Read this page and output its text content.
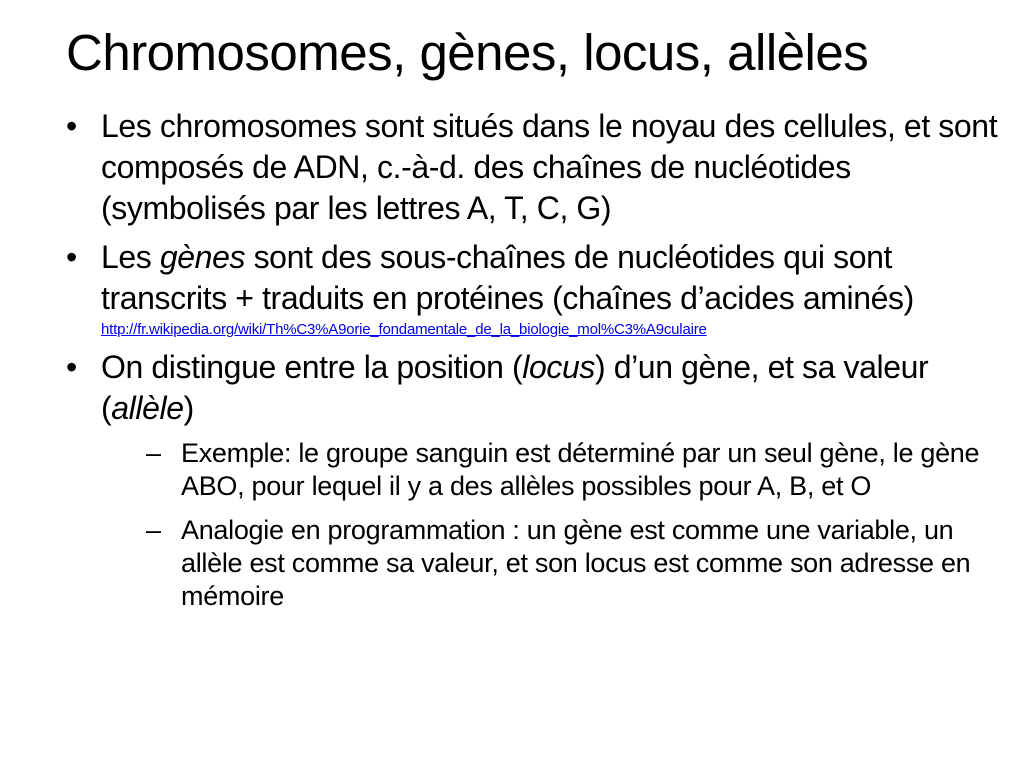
Chromosomes, gènes, locus, allèles
• Les chromosomes sont situés dans le noyau des cellules, et sont composés de ADN, c.-à-d. des chaînes de nucléotides (symbolisés par les lettres A, T, C, G)
• Les gènes sont des sous-chaînes de nucléotides qui sont transcrits + traduits en protéines (chaînes d’acides aminés)
http://fr.wikipedia.org/wiki/Th%C3%A9orie_fondamentale_de_la_biologie_mol%C3%A9culaire
• On distingue entre la position (locus) d’un gène, et sa valeur (allèle)
– Exemple: le groupe sanguin est déterminé par un seul gène, le gène ABO, pour lequel il y a des allèles possibles pour A, B, et O
– Analogie en programmation : un gène est comme une variable, un allèle est comme sa valeur, et son locus est comme son adresse en mémoire
